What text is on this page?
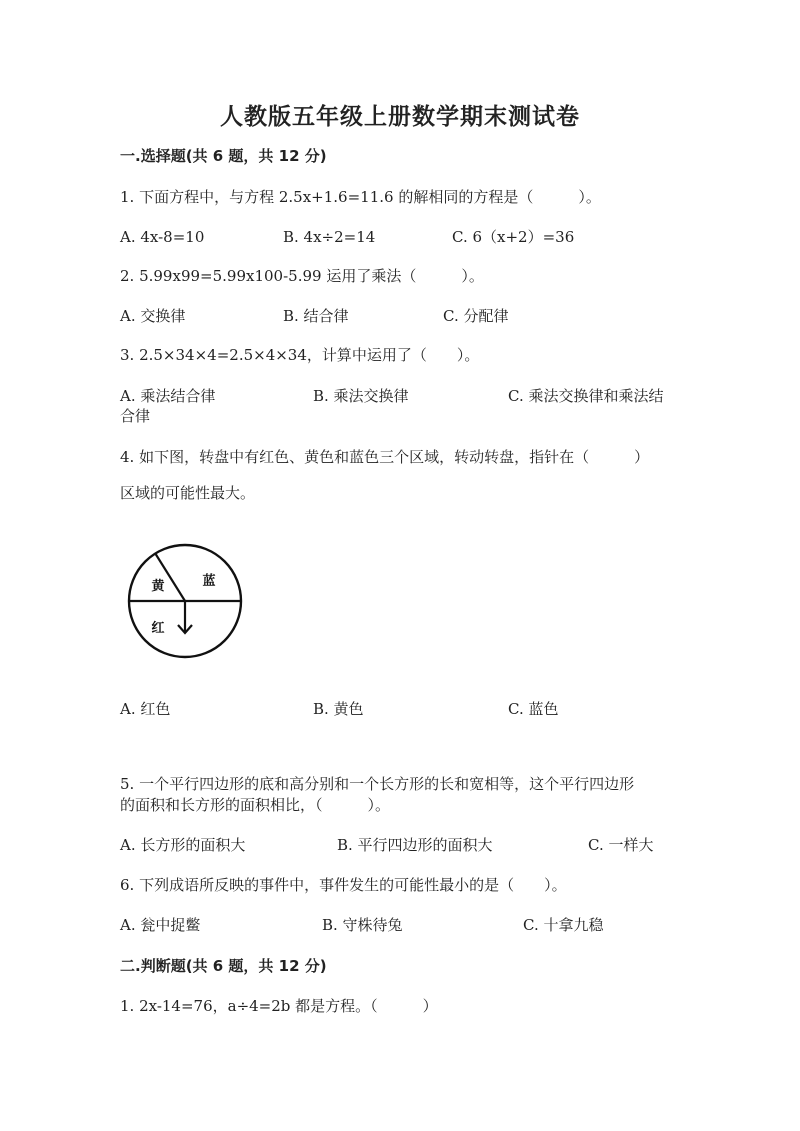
人教版五年级上册数学期末测试卷
一.选择题(共 6 题，共 12 分)
1. 下面方程中，与方程 2.5x+1.6=11.6 的解相同的方程是（　　　）。
A. 4x-8=10	B. 4x÷2=14	C. 6（x+2）=36
2. 5.99x99=5.99x100-5.99 运用了乘法（　　　）。
A. 交换律	B. 结合律	C. 分配律
3. 2.5×34×4=2.5×4×34，计算中运用了（　　）。
A. 乘法结合律	B. 乘法交换律	C. 乘法交换律和乘法结
合律
4. 如下图，转盘中有红色、黄色和蓝色三个区域，转动转盘，指针在（　　　）
区域的可能性最大。
黄	蓝
红
A. 红色	B. 黄色	C. 蓝色
5. 一个平行四边形的底和高分别和一个长方形的长和宽相等，这个平行四边形
的面积和长方形的面积相比，（　　　）。
A. 长方形的面积大	B. 平行四边形的面积大	C. 一样大
6. 下列成语所反映的事件中，事件发生的可能性最小的是（　　）。
A. 瓮中捉鳖	B. 守株待兔	C. 十拿九稳
二.判断题(共 6 题，共 12 分)
1. 2x-14=76，a÷4=2b 都是方程。（　　　）
